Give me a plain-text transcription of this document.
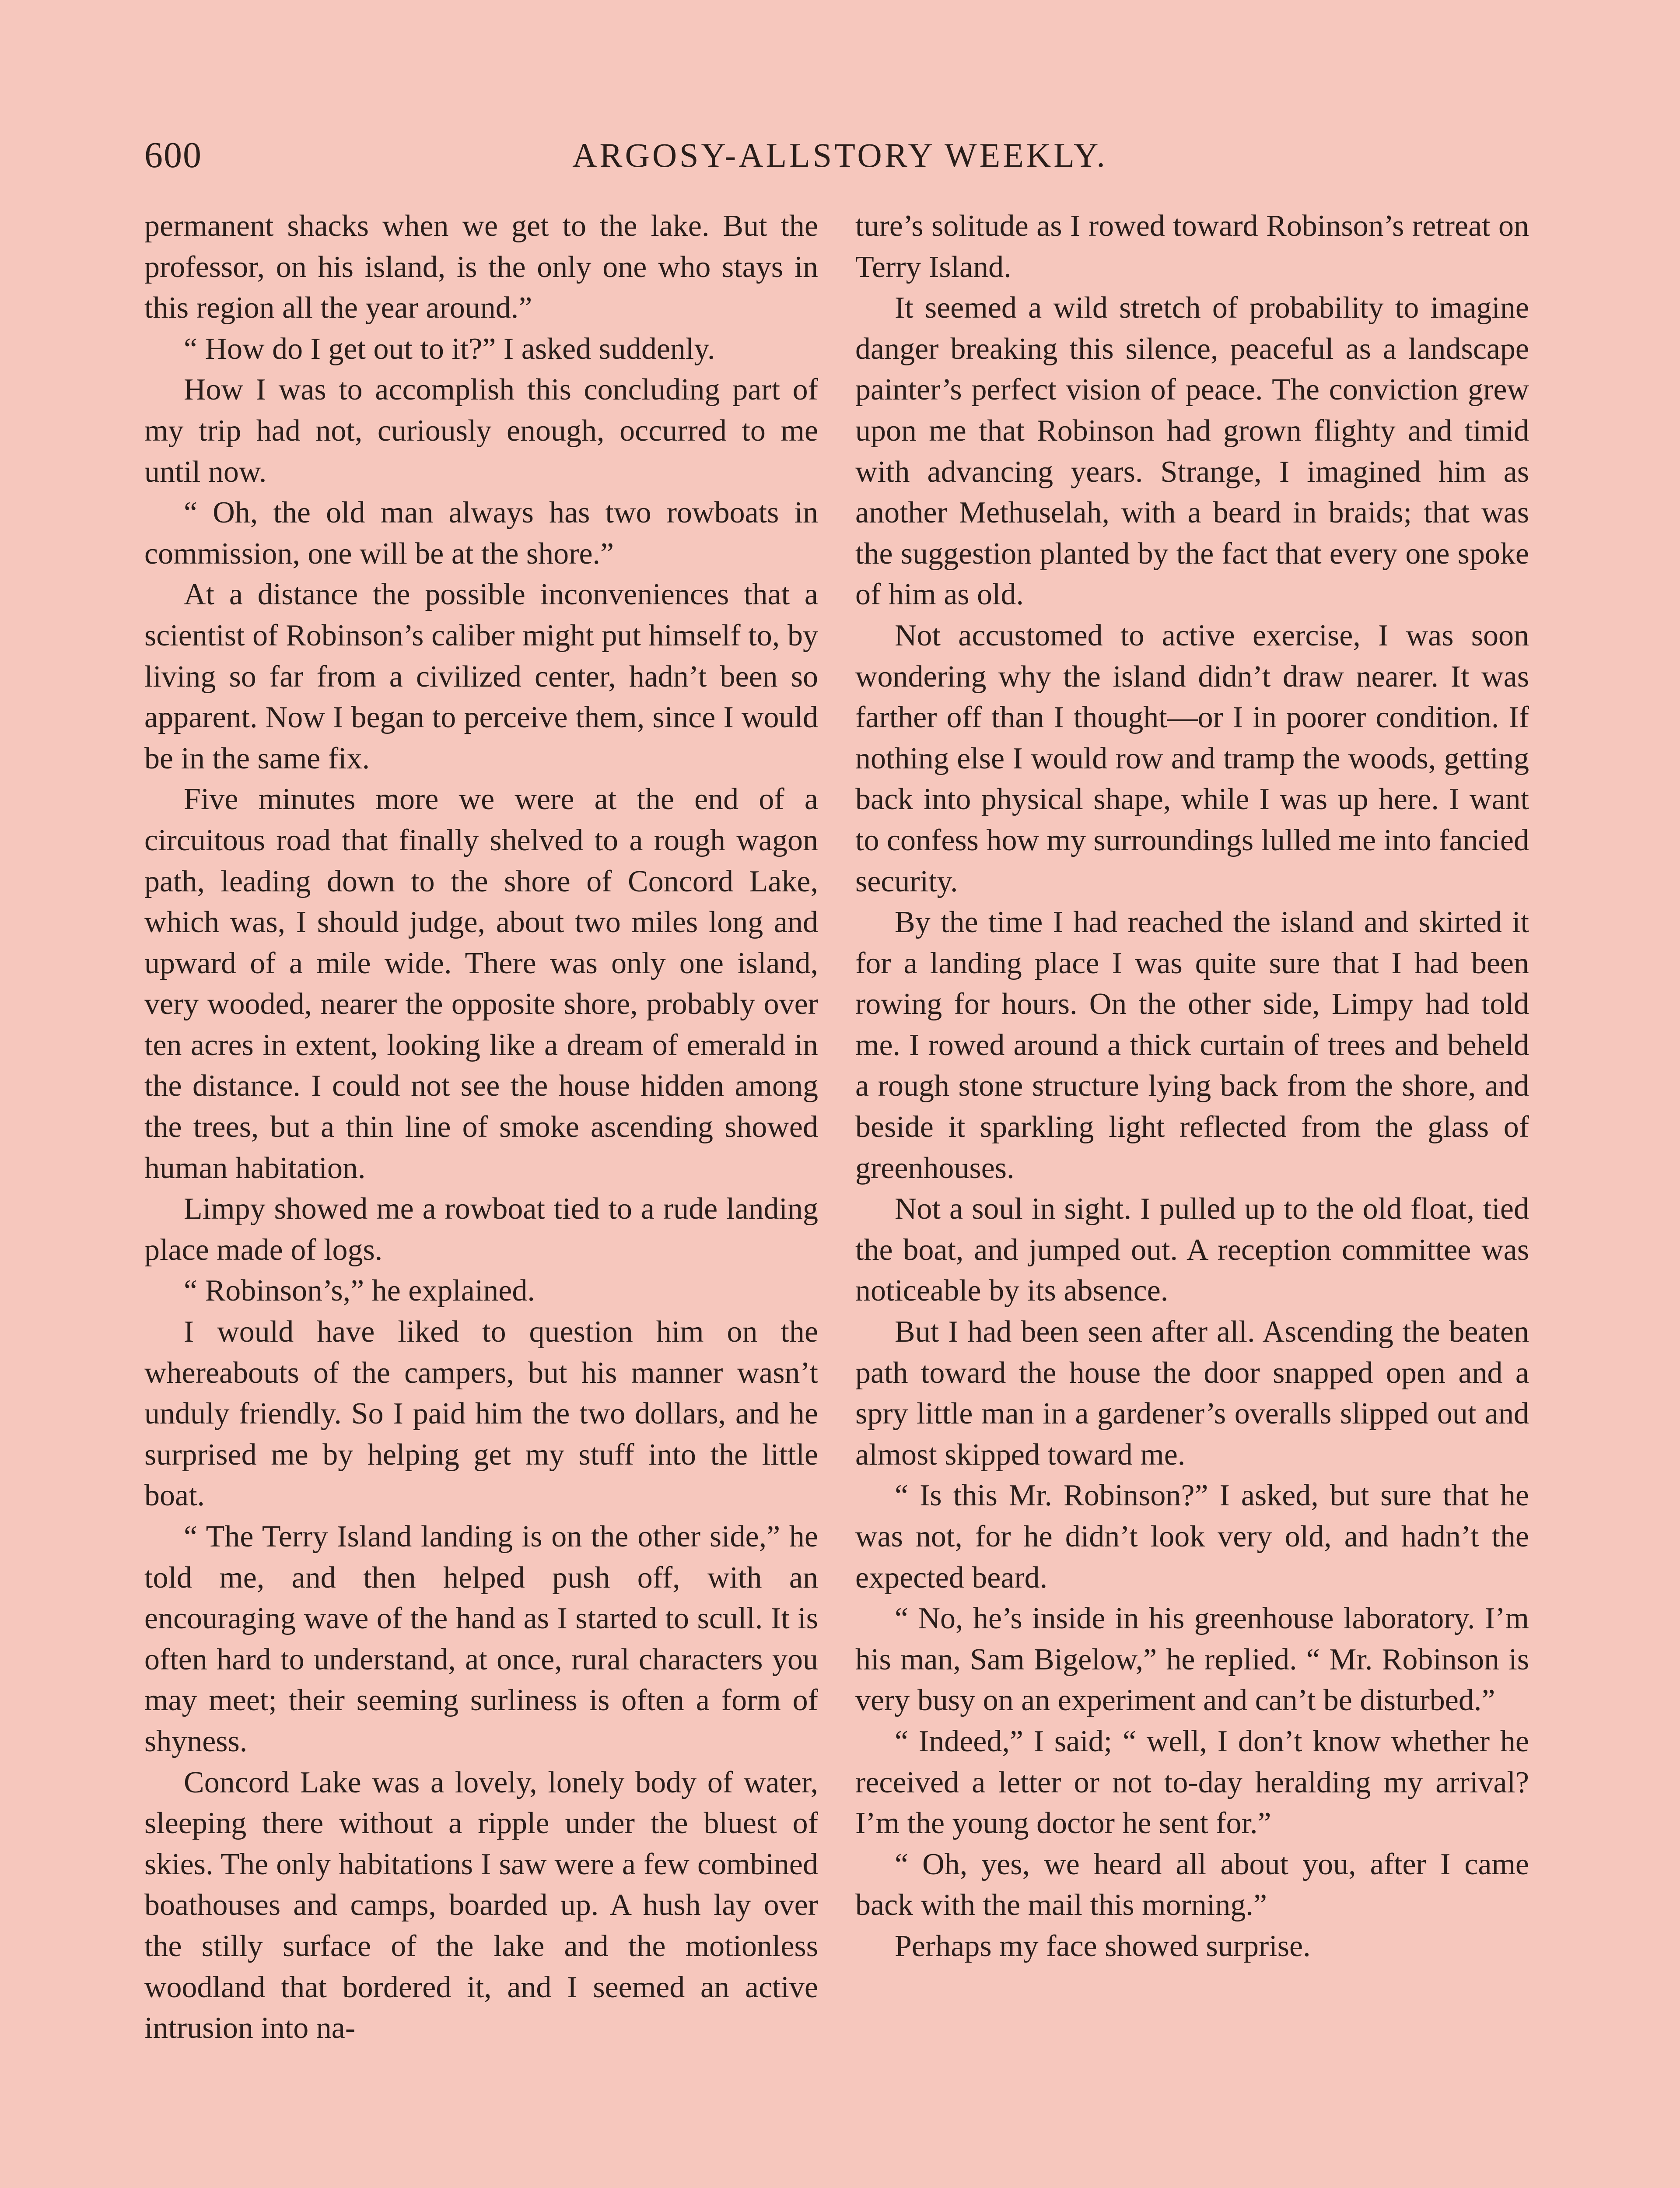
600	ARGOSY-ALLSTORY WEEKLY.

permanent shacks when we get to the lake. But the professor, on his island, is the only one who stays in this region all the year around.”

“ How do I get out to it?” I asked suddenly.

How I was to accomplish this concluding part of my trip had not, curiously enough, occurred to me until now.

“ Oh, the old man always has two rowboats in commission, one will be at the shore.”

At a distance the possible inconveniences that a scientist of Robinson’s caliber might put himself to, by living so far from a civilized center, hadn’t been so apparent. Now I began to perceive them, since I would be in the same fix.

Five minutes more we were at the end of a circuitous road that finally shelved to a rough wagon path, leading down to the shore of Concord Lake, which was, I should judge, about two miles long and upward of a mile wide. There was only one island, very wooded, nearer the opposite shore, probably over ten acres in extent, looking like a dream of emerald in the distance. I could not see the house hidden among the trees, but a thin line of smoke ascending showed human habitation.

Limpy showed me a rowboat tied to a rude landing place made of logs.

“ Robinson’s,” he explained.

I would have liked to question him on the whereabouts of the campers, but his manner wasn’t unduly friendly. So I paid him the two dollars, and he surprised me by helping get my stuff into the little boat.

“ The Terry Island landing is on the other side,” he told me, and then helped push off, with an encouraging wave of the hand as I started to scull. It is often hard to understand, at once, rural characters you may meet; their seeming surliness is often a form of shyness.

Concord Lake was a lovely, lonely body of water, sleeping there without a ripple under the bluest of skies. The only habitations I saw were a few combined boathouses and camps, boarded up. A hush lay over the stilly surface of the lake and the motionless woodland that bordered it, and I seemed an active intrusion into na-

ture’s solitude as I rowed toward Robinson’s retreat on Terry Island.

It seemed a wild stretch of probability to imagine danger breaking this silence, peaceful as a landscape painter’s perfect vision of peace. The conviction grew upon me that Robinson had grown flighty and timid with advancing years. Strange, I imagined him as another Methuselah, with a beard in braids; that was the suggestion planted by the fact that every one spoke of him as old.

Not accustomed to active exercise, I was soon wondering why the island didn’t draw nearer. It was farther off than I thought—or I in poorer condition. If nothing else I would row and tramp the woods, getting back into physical shape, while I was up here. I want to confess how my surroundings lulled me into fancied security.

By the time I had reached the island and skirted it for a landing place I was quite sure that I had been rowing for hours. On the other side, Limpy had told me. I rowed around a thick curtain of trees and beheld a rough stone structure lying back from the shore, and beside it sparkling light reflected from the glass of greenhouses.

Not a soul in sight. I pulled up to the old float, tied the boat, and jumped out. A reception committee was noticeable by its absence.

But I had been seen after all. Ascending the beaten path toward the house the door snapped open and a spry little man in a gardener’s overalls slipped out and almost skipped toward me.

“ Is this Mr. Robinson?” I asked, but sure that he was not, for he didn’t look very old, and hadn’t the expected beard.

“ No, he’s inside in his greenhouse laboratory. I’m his man, Sam Bigelow,” he replied. “ Mr. Robinson is very busy on an experiment and can’t be disturbed.”

“ Indeed,” I said; “ well, I don’t know whether he received a letter or not to-day heralding my arrival? I’m the young doctor he sent for.”

“ Oh, yes, we heard all about you, after I came back with the mail this morning.”

Perhaps my face showed surprise.
